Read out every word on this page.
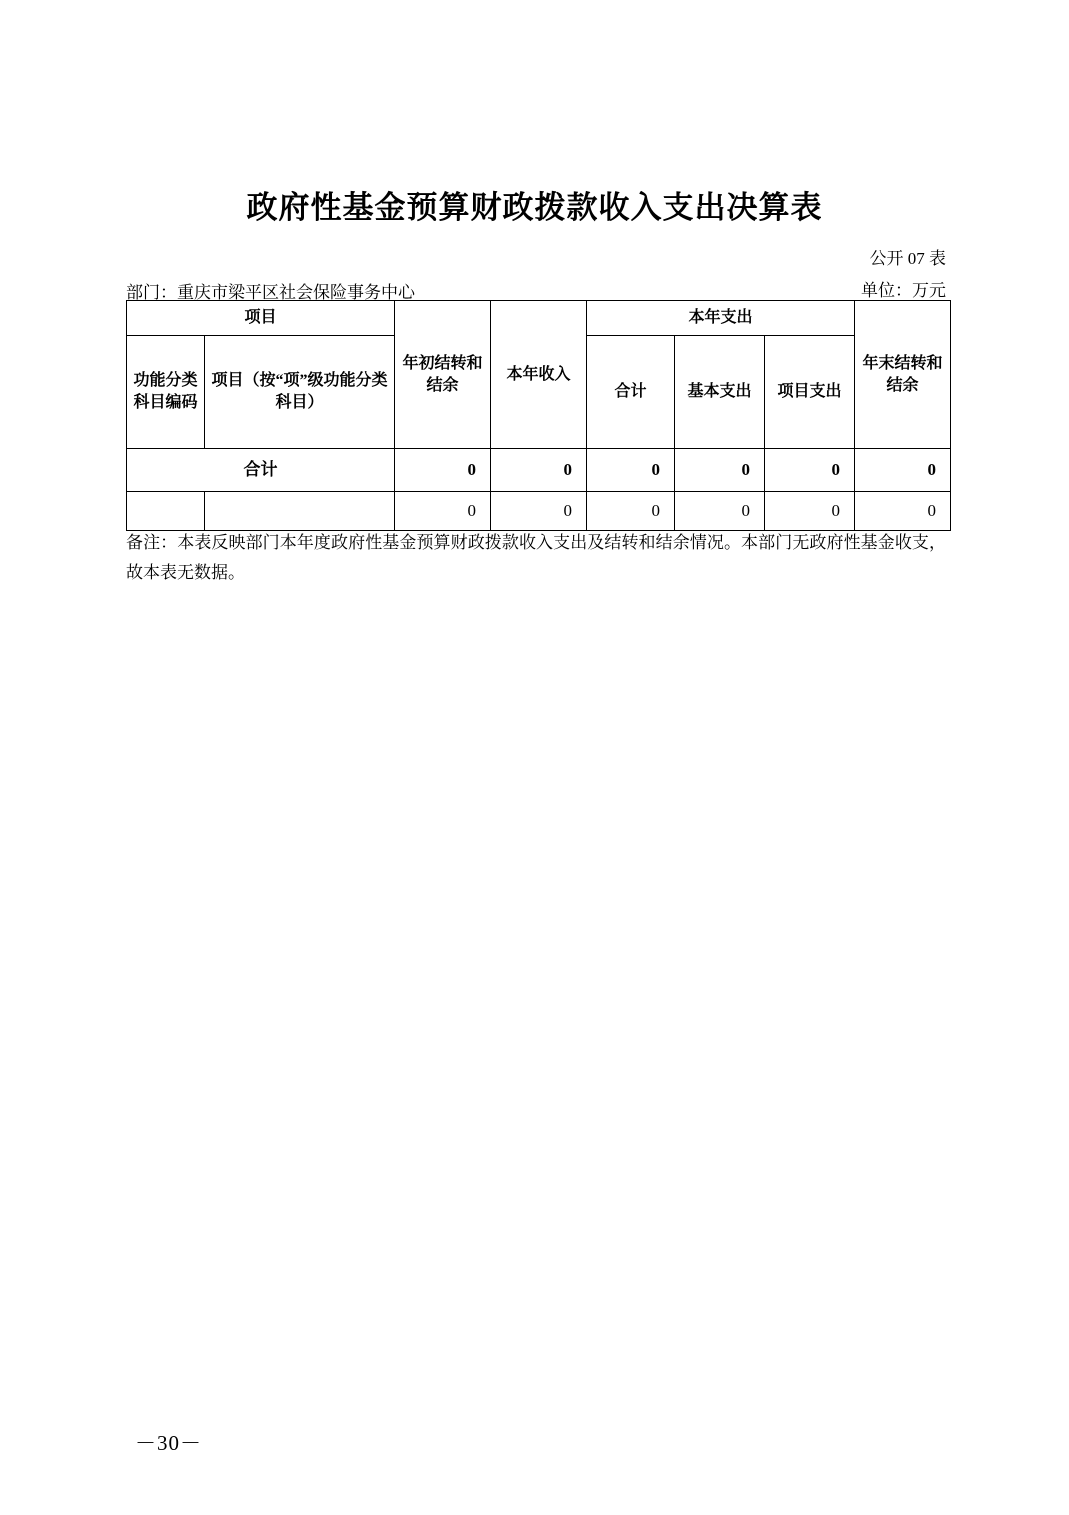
政府性基金预算财政拨款收入支出决算表
公开 07 表
部门：重庆市梁平区社会保险事务中心	单位：万元
项目		年初结转和结余	本年收入	本年支出			年末结转和结余
功能分类科目编码	项目（按“项”级功能分类科目）			合计	基本支出	项目支出	
合计		0	0	0	0	0	0
		0	0	0	0	0	0
备注：本表反映部门本年度政府性基金预算财政拨款收入支出及结转和结余情况。本部门无政府性基金收支，故本表无数据。
－30－
